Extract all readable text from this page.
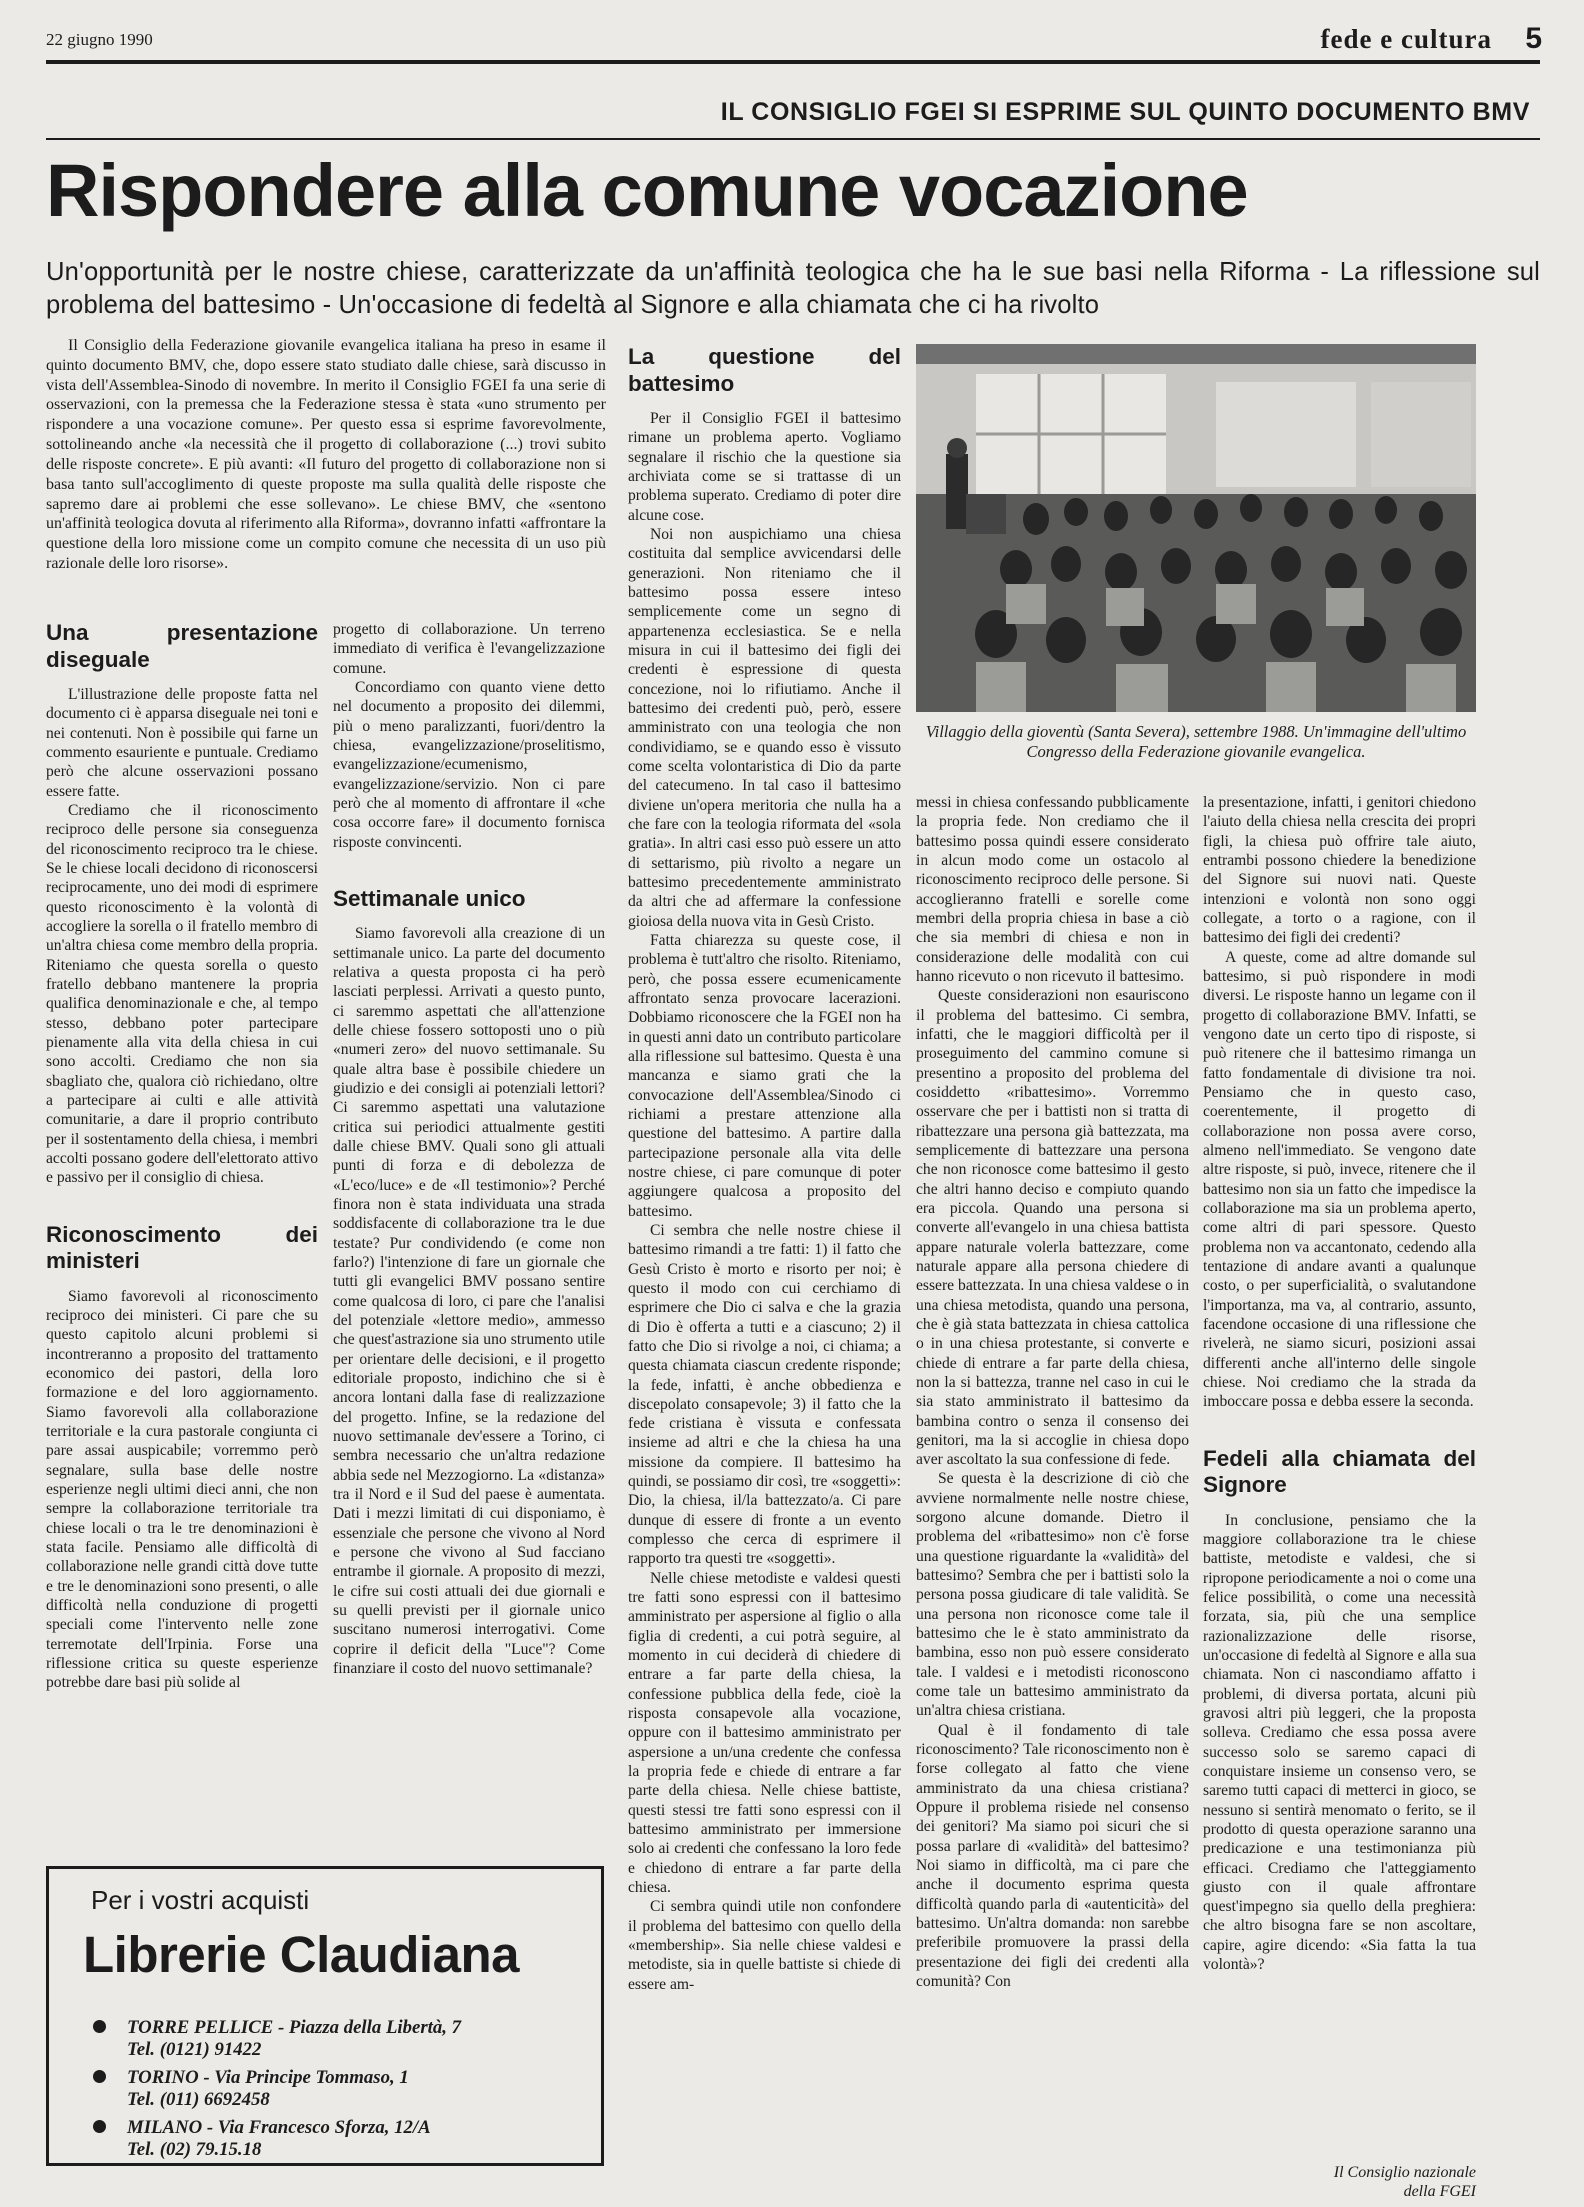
22 giugno 1990	fede e cultura 5
IL CONSIGLIO FGEI SI ESPRIME SUL QUINTO DOCUMENTO BMV
Rispondere alla comune vocazione
Un'opportunità per le nostre chiese, caratterizzate da un'affinità teologica che ha le sue basi nella Riforma - La riflessione sul problema del battesimo - Un'occasione di fedeltà al Signore e alla chiamata che ci ha rivolto

Il Consiglio della Federazione giovanile evangelica italiana ha preso in esame il quinto documento BMV, che, dopo essere stato studiato dalle chiese, sarà discusso in vista dell'Assemblea-Sinodo di novembre. In merito il Consiglio FGEI fa una serie di osservazioni, con la premessa che la Federazione stessa è stata «uno strumento per rispondere a una vocazione comune». Per questo essa si esprime favorevolmente, sottolineando anche «la necessità che il progetto di collaborazione (...) trovi subito delle risposte concrete». E più avanti: «Il futuro del progetto di collaborazione non si basa tanto sull'accoglimento di queste proposte ma sulla qualità delle risposte che sapremo dare ai problemi che esse sollevano». Le chiese BMV, che «sentono un'affinità teologica dovuta al riferimento alla Riforma», dovranno infatti «affrontare la questione della loro missione come un compito comune che necessita di un uso più razionale delle loro risorse».

Una presentazione diseguale

L'illustrazione delle proposte fatta nel documento ci è apparsa diseguale nei toni e nei contenuti. Non è possibile qui farne un commento esauriente e puntuale. Crediamo però che alcune osservazioni possano essere fatte.

Crediamo che il riconoscimento reciproco delle persone sia conseguenza del riconoscimento reciproco tra le chiese. Se le chiese locali decidono di riconoscersi reciprocamente, uno dei modi di esprimere questo riconoscimento è la volontà di accogliere la sorella o il fratello membro di un'altra chiesa come membro della propria. Riteniamo che questa sorella o questo fratello debbano mantenere la propria qualifica denominazionale e che, al tempo stesso, debbano poter partecipare pienamente alla vita della chiesa in cui sono accolti. Crediamo che non sia sbagliato che, qualora ciò richiedano, oltre a partecipare ai culti e alle attività comunitarie, a dare il proprio contributo per il sostentamento della chiesa, i membri accolti possano godere dell'elettorato attivo e passivo per il consiglio di chiesa.

Riconoscimento dei ministeri

Siamo favorevoli al riconoscimento reciproco dei ministeri. Ci pare che su questo capitolo alcuni problemi si incontreranno a proposito del trattamento economico dei pastori, della loro formazione e del loro aggiornamento. Siamo favorevoli alla collaborazione territoriale e la cura pastorale congiunta ci pare assai auspicabile; vorremmo però segnalare, sulla base delle nostre esperienze negli ultimi dieci anni, che non sempre la collaborazione territoriale tra chiese locali o tra le tre denominazioni è stata facile. Pensiamo alle difficoltà di collaborazione nelle grandi città dove tutte e tre le denominazioni sono presenti, o alle difficoltà nella conduzione di progetti speciali come l'intervento nelle zone terremotate dell'Irpinia. Forse una riflessione critica su queste esperienze potrebbe dare basi più solide al

progetto di collaborazione. Un terreno immediato di verifica è l'evangelizzazione comune.

Concordiamo con quanto viene detto nel documento a proposito dei dilemmi, più o meno paralizzanti, fuori/dentro la chiesa, evangelizzazione/proselitismo, evangelizzazione/ecumenismo, evangelizzazione/servizio. Non ci pare però che al momento di affrontare il «che cosa occorre fare» il documento fornisca risposte convincenti.

Settimanale unico

Siamo favorevoli alla creazione di un settimanale unico. La parte del documento relativa a questa proposta ci ha però lasciati perplessi. Arrivati a questo punto, ci saremmo aspettati che all'attenzione delle chiese fossero sottoposti uno o più «numeri zero» del nuovo settimanale. Su quale altra base è possibile chiedere un giudizio e dei consigli ai potenziali lettori? Ci saremmo aspettati una valutazione critica sui periodici attualmente gestiti dalle chiese BMV. Quali sono gli attuali punti di forza e di debolezza de «L'eco/luce» e de «Il testimonio»? Perché finora non è stata individuata una strada soddisfacente di collaborazione tra le due testate? Pur condividendo (e come non farlo?) l'intenzione di fare un giornale che tutti gli evangelici BMV possano sentire come qualcosa di loro, ci pare che l'analisi del potenziale «lettore medio», ammesso che quest'astrazione sia uno strumento utile per orientare delle decisioni, e il progetto editoriale proposto, indichino che si è ancora lontani dalla fase di realizzazione del progetto. Infine, se la redazione del nuovo settimanale dev'essere a Torino, ci sembra necessario che un'altra redazione abbia sede nel Mezzogiorno. La «distanza» tra il Nord e il Sud del paese è aumentata. Dati i mezzi limitati di cui disponiamo, è essenziale che persone che vivono al Nord e persone che vivono al Sud facciano entrambe il giornale. A proposito di mezzi, le cifre sui costi attuali dei due giornali e su quelli previsti per il giornale unico suscitano numerosi interrogativi. Come coprire il deficit della "Luce"? Come finanziare il costo del nuovo settimanale?

La questione del battesimo

Per il Consiglio FGEI il battesimo rimane un problema aperto. Vogliamo segnalare il rischio che la questione sia archiviata come se si trattasse di un problema superato. Crediamo di poter dire alcune cose.

Noi non auspichiamo una chiesa costituita dal semplice avvicendarsi delle generazioni. Non riteniamo che il battesimo possa essere inteso semplicemente come un segno di appartenenza ecclesiastica. Se e nella misura in cui il battesimo dei figli dei credenti è espressione di questa concezione, noi lo rifiutiamo. Anche il battesimo dei credenti può, però, essere amministrato con una teologia che non condividiamo, se e quando esso è vissuto come scelta volontaristica di Dio da parte del catecumeno. In tal caso il battesimo diviene un'opera meritoria che nulla ha a che fare con la teologia riformata del «sola gratia». In altri casi esso può essere un atto di settarismo, più rivolto a negare un battesimo precedentemente amministrato da altri che ad affermare la confessione gioiosa della nuova vita in Gesù Cristo.

Fatta chiarezza su queste cose, il problema è tutt'altro che risolto. Riteniamo, però, che possa essere ecumenicamente affrontato senza provocare lacerazioni. Dobbiamo riconoscere che la FGEI non ha in questi anni dato un contributo particolare alla riflessione sul battesimo. Questa è una mancanza e siamo grati che la convocazione dell'Assemblea/Sinodo ci richiami a prestare attenzione alla questione del battesimo. A partire dalla partecipazione personale alla vita delle nostre chiese, ci pare comunque di poter aggiungere qualcosa a proposito del battesimo.

Ci sembra che nelle nostre chiese il battesimo rimandi a tre fatti: 1) il fatto che Gesù Cristo è morto e risorto per noi; è questo il modo con cui cerchiamo di esprimere che Dio ci salva e che la grazia di Dio è offerta a tutti e a ciascuno; 2) il fatto che Dio si rivolge a noi, ci chiama; a questa chiamata ciascun credente risponde; la fede, infatti, è anche obbedienza e discepolato consapevole; 3) il fatto che la fede cristiana è vissuta e confessata insieme ad altri e che la chiesa ha una missione da compiere. Il battesimo ha quindi, se possiamo dir così, tre «soggetti»: Dio, la chiesa, il/la battezzato/a. Ci pare dunque di essere di fronte a un evento complesso che cerca di esprimere il rapporto tra questi tre «soggetti».

Nelle chiese metodiste e valdesi questi tre fatti sono espressi con il battesimo amministrato per aspersione al figlio o alla figlia di credenti, a cui potrà seguire, al momento in cui deciderà di chiedere di entrare a far parte della chiesa, la confessione pubblica della fede, cioè la risposta consapevole alla vocazione, oppure con il battesimo amministrato per aspersione a un/una credente che confessa la propria fede e chiede di entrare a far parte della chiesa. Nelle chiese battiste, questi stessi tre fatti sono espressi con il battesimo amministrato per immersione solo ai credenti che confessano la loro fede e chiedono di entrare a far parte della chiesa.

Ci sembra quindi utile non confondere il problema del battesimo con quello della «membership». Sia nelle chiese valdesi e metodiste, sia in quelle battiste si chiede di essere am-

Villaggio della gioventù (Santa Severa), settembre 1988. Un'immagine dell'ultimo Congresso della Federazione giovanile evangelica.

messi in chiesa confessando pubblicamente la propria fede. Non crediamo che il battesimo possa quindi essere considerato in alcun modo come un ostacolo al riconoscimento reciproco delle persone. Si accoglieranno fratelli e sorelle come membri della propria chiesa in base a ciò che sia membri di chiesa e non in considerazione delle modalità con cui hanno ricevuto o non ricevuto il battesimo.

Queste considerazioni non esauriscono il problema del battesimo. Ci sembra, infatti, che le maggiori difficoltà per il proseguimento del cammino comune si presentino a proposito del problema del cosiddetto «ribattesimo». Vorremmo osservare che per i battisti non si tratta di ribattezzare una persona già battezzata, ma semplicemente di battezzare una persona che non riconosce come battesimo il gesto che altri hanno deciso e compiuto quando era piccola. Quando una persona si converte all'evangelo in una chiesa battista appare naturale volerla battezzare, come naturale appare alla persona chiedere di essere battezzata. In una chiesa valdese o in una chiesa metodista, quando una persona, che è già stata battezzata in chiesa cattolica o in una chiesa protestante, si converte e chiede di entrare a far parte della chiesa, non la si battezza, tranne nel caso in cui le sia stato amministrato il battesimo da bambina contro o senza il consenso dei genitori, ma la si accoglie in chiesa dopo aver ascoltato la sua confessione di fede.

Se questa è la descrizione di ciò che avviene normalmente nelle nostre chiese, sorgono alcune domande. Dietro il problema del «ribattesimo» non c'è forse una questione riguardante la «validità» del battesimo? Sembra che per i battisti solo la persona possa giudicare di tale validità. Se una persona non riconosce come tale il battesimo che le è stato amministrato da bambina, esso non può essere considerato tale. I valdesi e i metodisti riconoscono come tale un battesimo amministrato da un'altra chiesa cristiana.

Qual è il fondamento di tale riconoscimento? Tale riconoscimento non è forse collegato al fatto che viene amministrato da una chiesa cristiana? Oppure il problema risiede nel consenso dei genitori? Ma siamo poi sicuri che si possa parlare di «validità» del battesimo? Noi siamo in difficoltà, ma ci pare che anche il documento esprima questa difficoltà quando parla di «autenticità» del battesimo. Un'altra domanda: non sarebbe preferibile promuovere la prassi della presentazione dei figli dei credenti alla comunità? Con

la presentazione, infatti, i genitori chiedono l'aiuto della chiesa nella crescita dei propri figli, la chiesa può offrire tale aiuto, entrambi possono chiedere la benedizione del Signore sui nuovi nati. Queste intenzioni e volontà non sono oggi collegate, a torto o a ragione, con il battesimo dei figli dei credenti?

A queste, come ad altre domande sul battesimo, si può rispondere in modi diversi. Le risposte hanno un legame con il progetto di collaborazione BMV. Infatti, se vengono date un certo tipo di risposte, si può ritenere che il battesimo rimanga un fatto fondamentale di divisione tra noi. Pensiamo che in questo caso, coerentemente, il progetto di collaborazione non possa avere corso, almeno nell'immediato. Se vengono date altre risposte, si può, invece, ritenere che il battesimo non sia un fatto che impedisce la collaborazione ma sia un problema aperto, come altri di pari spessore. Questo problema non va accantonato, cedendo alla tentazione di andare avanti a qualunque costo, o per superficialità, o svalutandone l'importanza, ma va, al contrario, assunto, facendone occasione di una riflessione che rivelerà, ne siamo sicuri, posizioni assai differenti anche all'interno delle singole chiese. Noi crediamo che la strada da imboccare possa e debba essere la seconda.

Fedeli alla chiamata del Signore

In conclusione, pensiamo che la maggiore collaborazione tra le chiese battiste, metodiste e valdesi, che si ripropone periodicamente a noi o come una felice possibilità, o come una necessità forzata, sia, più che una semplice razionalizzazione delle risorse, un'occasione di fedeltà al Signore e alla sua chiamata. Non ci nascondiamo affatto i problemi, di diversa portata, alcuni più gravosi altri più leggeri, che la proposta solleva. Crediamo che essa possa avere successo solo se saremo capaci di conquistare insieme un consenso vero, se saremo tutti capaci di metterci in gioco, se nessuno si sentirà menomato o ferito, se il prodotto di questa operazione saranno una predicazione e una testimonianza più efficaci. Crediamo che l'atteggiamento giusto con il quale affrontare quest'impegno sia quello della preghiera: che altro bisogna fare se non ascoltare, capire, agire dicendo: «Sia fatta la tua volontà»?

Il Consiglio nazionale
della FGEI
Per i vostri acquisti
Librerie Claudiana
TORRE PELLICE - Piazza della Libertà, 7
Tel. (0121) 91422
TORINO - Via Principe Tommaso, 1
Tel. (011) 6692458
MILANO - Via Francesco Sforza, 12/A
Tel. (02) 79.15.18
